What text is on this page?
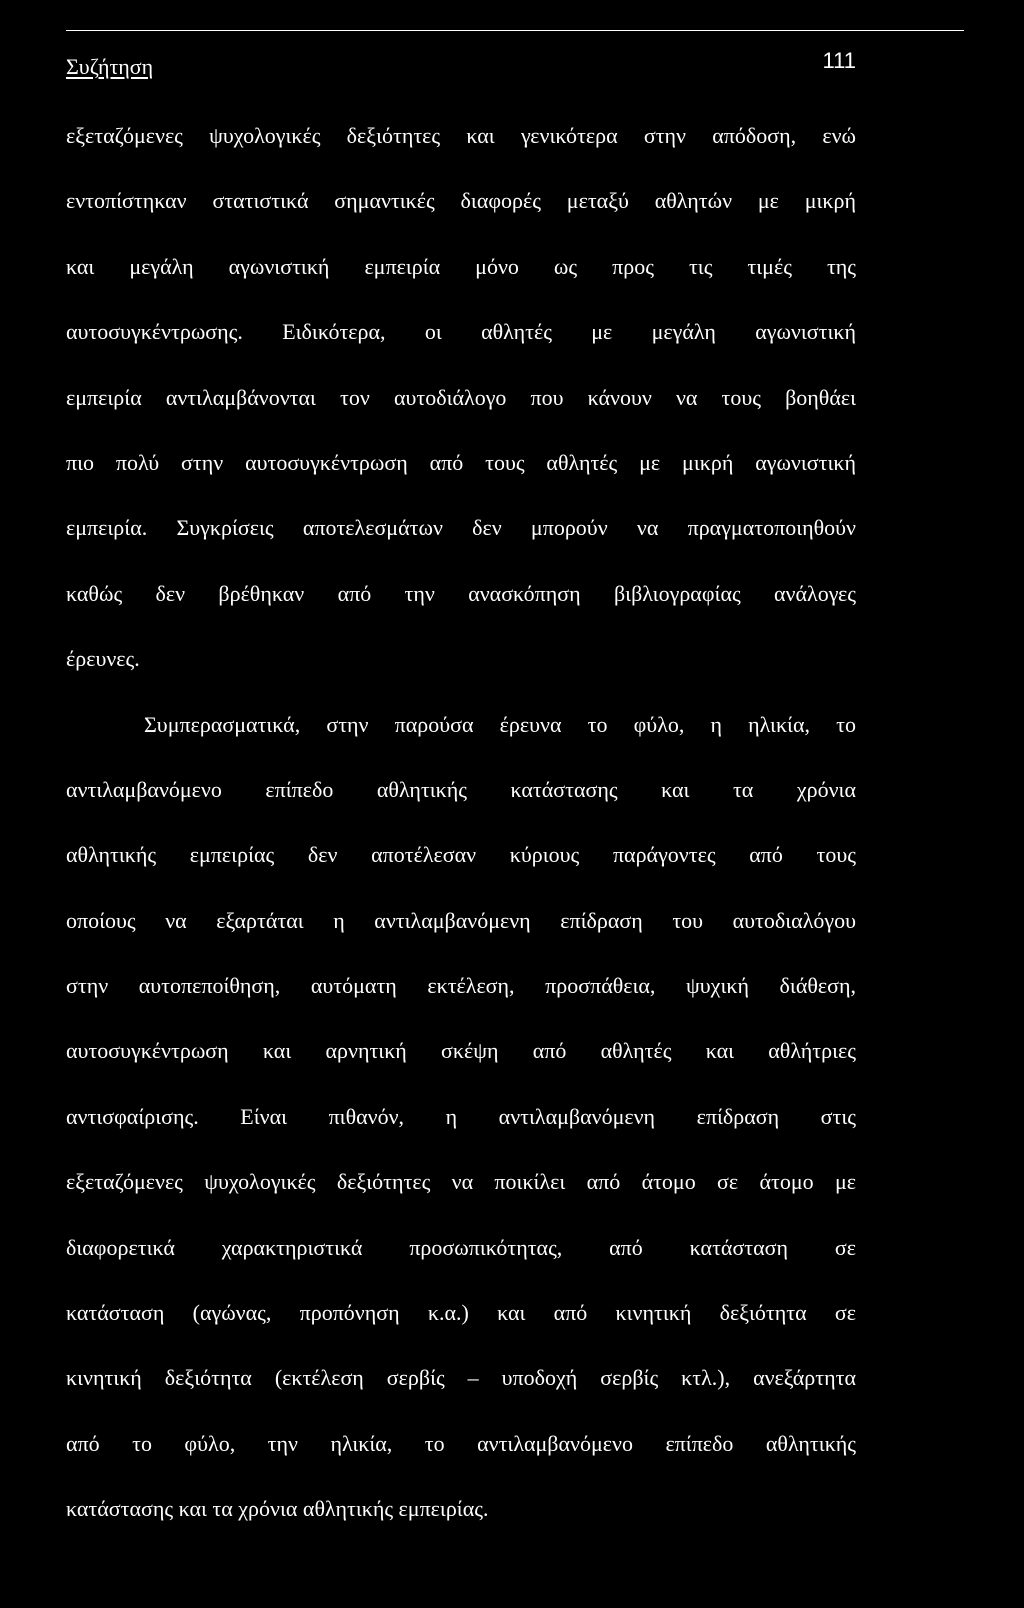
Συζήτηση	111
εξεταζόμενες ψυχολογικές δεξιότητες και γενικότερα στην απόδοση, ενώ
εντοπίστηκαν στατιστικά σημαντικές διαφορές μεταξύ αθλητών με μικρή
και μεγάλη αγωνιστική εμπειρία μόνο ως προς τις τιμές της
αυτοσυγκέντρωσης. Ειδικότερα, οι αθλητές με μεγάλη αγωνιστική
εμπειρία αντιλαμβάνονται τον αυτοδιάλογο που κάνουν να τους βοηθάει
πιο πολύ στην αυτοσυγκέντρωση από τους αθλητές με μικρή αγωνιστική
εμπειρία. Συγκρίσεις αποτελεσμάτων δεν μπορούν να πραγματοποιηθούν
καθώς δεν βρέθηκαν από την ανασκόπηση βιβλιογραφίας ανάλογες
έρευνες.
Συμπερασματικά, στην παρούσα έρευνα το φύλο, η ηλικία, το
αντιλαμβανόμενο επίπεδο αθλητικής κατάστασης και τα χρόνια
αθλητικής εμπειρίας δεν αποτέλεσαν κύριους παράγοντες από τους
οποίους να εξαρτάται η αντιλαμβανόμενη επίδραση του αυτοδιαλόγου
στην αυτοπεποίθηση, αυτόματη εκτέλεση, προσπάθεια, ψυχική διάθεση,
αυτοσυγκέντρωση και αρνητική σκέψη από αθλητές και αθλήτριες
αντισφαίρισης. Είναι πιθανόν, η αντιλαμβανόμενη επίδραση στις
εξεταζόμενες ψυχολογικές δεξιότητες να ποικίλει από άτομο σε άτομο με
διαφορετικά χαρακτηριστικά προσωπικότητας, από κατάσταση σε
κατάσταση (αγώνας, προπόνηση κ.α.) και από κινητική δεξιότητα σε
κινητική δεξιότητα (εκτέλεση σερβίς – υποδοχή σερβίς κτλ.), ανεξάρτητα
από το φύλο, την ηλικία, το αντιλαμβανόμενο επίπεδο αθλητικής
κατάστασης και τα χρόνια αθλητικής εμπειρίας.
